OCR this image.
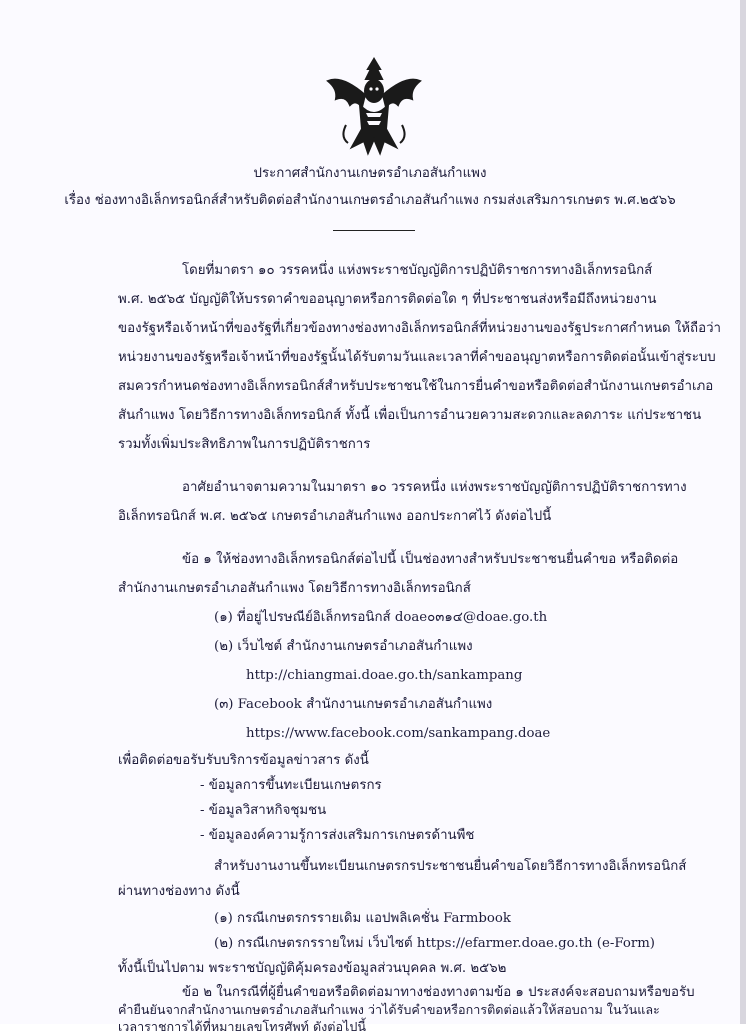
ประกาศสำนักงานเกษตรอำเภอสันกำแพง
เรื่อง ช่องทางอิเล็กทรอนิกส์สำหรับติดต่อสำนักงานเกษตรอำเภอสันกำแพง กรมส่งเสริมการเกษตร พ.ศ.๒๕๖๖
โดยที่มาตรา ๑๐ วรรคหนึ่ง แห่งพระราชบัญญัติการปฏิบัติราชการทางอิเล็กทรอนิกส์
พ.ศ. ๒๕๖๕ บัญญัติให้บรรดาคำขออนุญาตหรือการติดต่อใด ๆ ที่ประชาชนส่งหรือมีถึงหน่วยงาน
ของรัฐหรือเจ้าหน้าที่ของรัฐที่เกี่ยวข้องทางช่องทางอิเล็กทรอนิกส์ที่หน่วยงานของรัฐประกาศกำหนด ให้ถือว่า
หน่วยงานของรัฐหรือเจ้าหน้าที่ของรัฐนั้นได้รับตามวันและเวลาที่คำขออนุญาตหรือการติดต่อนั้นเข้าสู่ระบบ
สมควรกำหนดช่องทางอิเล็กทรอนิกส์สำหรับประชาชนใช้ในการยื่นคำขอหรือติดต่อสำนักงานเกษตรอำเภอ
สันกำแพง โดยวิธีการทางอิเล็กทรอนิกส์ ทั้งนี้ เพื่อเป็นการอำนวยความสะดวกและลดภาระ แก่ประชาชน
รวมทั้งเพิ่มประสิทธิภาพในการปฏิบัติราชการ
อาศัยอำนาจตามความในมาตรา ๑๐ วรรคหนึ่ง แห่งพระราชบัญญัติการปฏิบัติราชการทาง
อิเล็กทรอนิกส์ พ.ศ. ๒๕๖๕ เกษตรอำเภอสันกำแพง ออกประกาศไว้ ดังต่อไปนี้
ข้อ ๑ ให้ช่องทางอิเล็กทรอนิกส์ต่อไปนี้ เป็นช่องทางสำหรับประชาชนยื่นคำขอ หรือติดต่อ
สำนักงานเกษตรอำเภอสันกำแพง โดยวิธีการทางอิเล็กทรอนิกส์
(๑) ที่อยู่ไปรษณีย์อิเล็กทรอนิกส์ doae๐๓๑๔@doae.go.th
(๒) เว็บไซต์ สำนักงานเกษตรอำเภอสันกำแพง
http://chiangmai.doae.go.th/sankampang
(๓) Facebook สำนักงานเกษตรอำเภอสันกำแพง
https://www.facebook.com/sankampang.doae
เพื่อติดต่อขอรับรับบริการข้อมูลข่าวสาร ดังนี้
- ข้อมูลการขึ้นทะเบียนเกษตรกร
- ข้อมูลวิสาหกิจชุมชน
- ข้อมูลองค์ความรู้การส่งเสริมการเกษตรด้านพืช
สำหรับงานงานขึ้นทะเบียนเกษตรกรประชาชนยื่นคำขอโดยวิธีการทางอิเล็กทรอนิกส์
ผ่านทางช่องทาง ดังนี้
(๑) กรณีเกษตรกรรายเดิม แอปพลิเคชั่น Farmbook
(๒) กรณีเกษตรกรรายใหม่ เว็บไซต์ https://efarmer.doae.go.th (e-Form)
ทั้งนี้เป็นไปตาม พระราชบัญญัติคุ้มครองข้อมูลส่วนบุคคล พ.ศ. ๒๕๖๒
ข้อ ๒ ในกรณีที่ผู้ยื่นคำขอหรือติดต่อมาทางช่องทางตามข้อ ๑ ประสงค์จะสอบถามหรือขอรับ
คำยืนยันจากสำนักงานเกษตรอำเภอสันกำแพง ว่าได้รับคำขอหรือการติดต่อแล้วให้สอบถาม ในวันและ
เวลาราชการได้ที่หมายเลขโทรศัพท์ ดังต่อไปนี้
